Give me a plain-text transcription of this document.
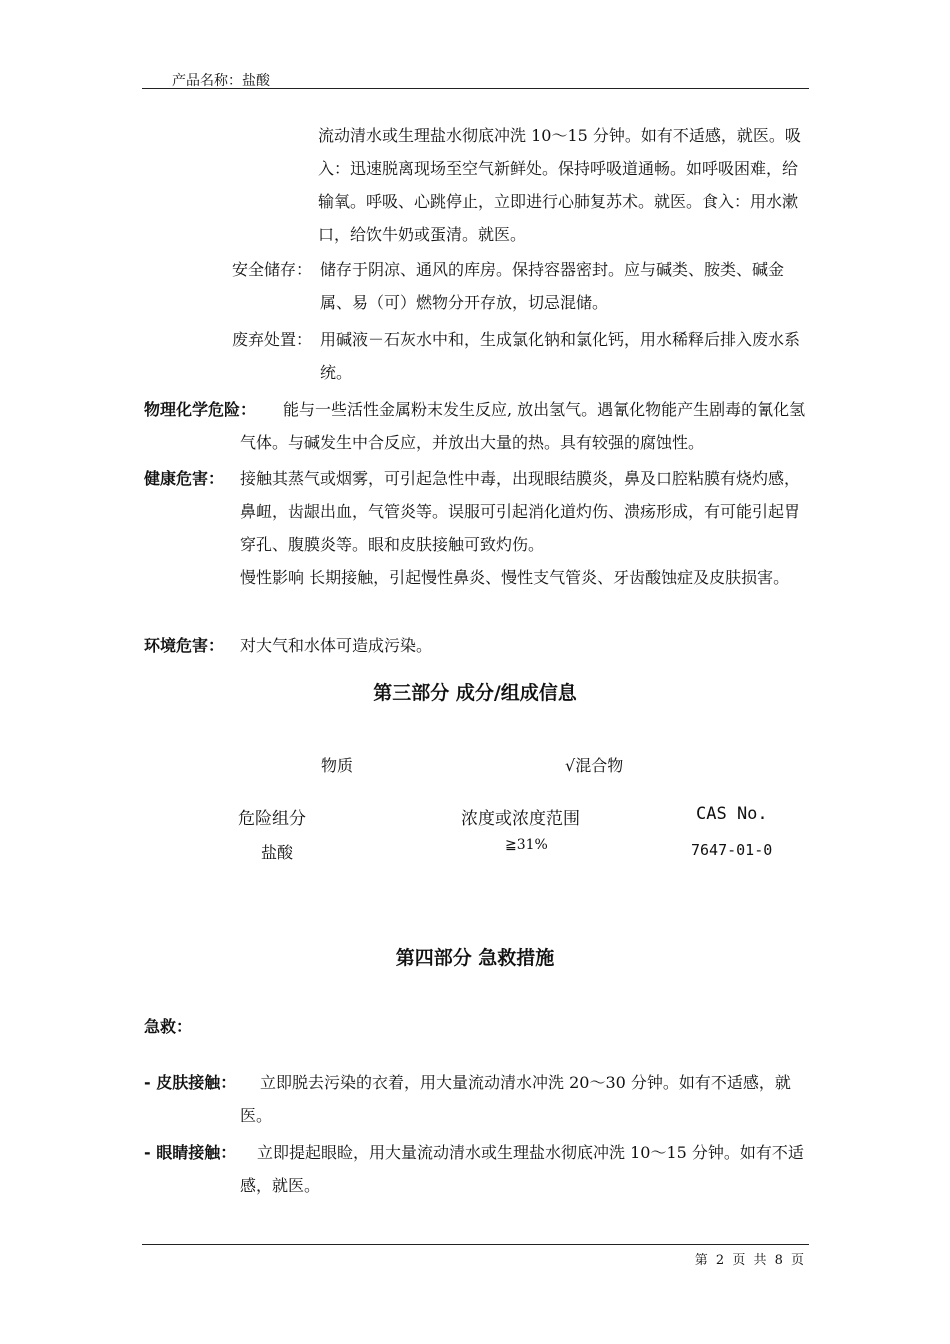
产品名称：盐酸

流动清水或生理盐水彻底冲洗 10～15 分钟。如有不适感，就医。吸入：迅速脱离现场至空气新鲜处。保持呼吸道通畅。如呼吸困难，给输氧。呼吸、心跳停止，立即进行心肺复苏术。就医。食入：用水漱口，给饮牛奶或蛋清。就医。

安全储存： 储存于阴凉、通风的库房。保持容器密封。应与碱类、胺类、碱金属、易（可）燃物分开存放，切忌混储。

废弃处置： 用碱液－石灰水中和，生成氯化钠和氯化钙，用水稀释后排入废水系统。

物理化学危险：	能与一些活性金属粉末发生反应, 放出氢气。遇氰化物能产生剧毒的氰化氢气体。与碱发生中合反应，并放出大量的热。具有较强的腐蚀性。

健康危害： 接触其蒸气或烟雾，可引起急性中毒，出现眼结膜炎，鼻及口腔粘膜有烧灼感，鼻衄，齿龈出血，气管炎等。误服可引起消化道灼伤、溃疡形成，有可能引起胃穿孔、腹膜炎等。眼和皮肤接触可致灼伤。

慢性影响 长期接触，引起慢性鼻炎、慢性支气管炎、牙齿酸蚀症及皮肤损害。

环境危害： 对大气和水体可造成污染。

第三部分 成分/组成信息
物质	√混合物
危险组分	浓度或浓度范围	CAS No.
盐酸	≧31%	7647-01-0
第四部分 急救措施
急救：
- 皮肤接触：	立即脱去污染的衣着，用大量流动清水冲洗 20～30 分钟。如有不适感，就医。

- 眼睛接触：	立即提起眼睑，用大量流动清水或生理盐水彻底冲洗 10～15 分钟。如有不适感，就医。

第 2 页 共 8 页
